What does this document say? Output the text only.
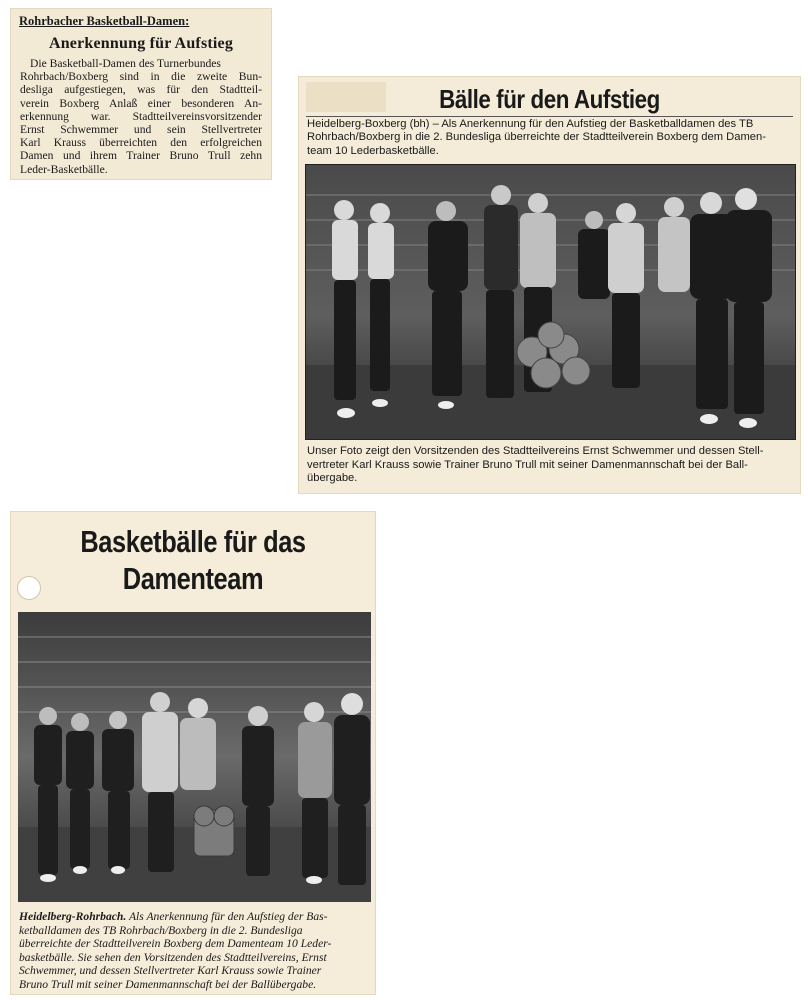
Rohrbacher Basketball-Damen:
Anerkennung für Aufstieg
Die Basketball-Damen des Turnerbundes
Rohrbach/Boxberg sind in die zweite Bun-
desliga aufgestiegen, was für den Stadtteil-
verein Boxberg Anlaß einer besonderen An-
erkennung war. Stadtteilvereinsvorsitzender
Ernst Schwemmer und sein Stellvertreter
Karl Krauss überreichten den erfolgreichen
Damen und ihrem Trainer Bruno Trull zehn
Leder-Basketbälle.
Bälle für den Aufstieg
Heidelberg-Boxberg (bh) – Als Anerkennung für den Aufstieg der Basketballdamen des TB
Rohrbach/Boxberg in die 2. Bundesliga überreichte der Stadtteilverein Boxberg dem Damen-
team 10 Lederbasketbälle.
Unser Foto zeigt den Vorsitzenden des Stadtteilvereins Ernst Schwemmer und dessen Stell-
vertreter Karl Krauss sowie Trainer Bruno Trull mit seiner Damenmannschaft bei der Ball-
übergabe.
Basketbälle für das
Damenteam
Heidelberg-Rohrbach. Als Anerkennung für den Aufstieg der Bas-
ketballdamen des TB Rohrbach/Boxberg in die 2. Bundesliga
überreichte der Stadtteilverein Boxberg dem Damenteam 10 Leder-
basketbälle. Sie sehen den Vorsitzenden des Stadtteilvereins, Ernst
Schwemmer, und dessen Stellvertreter Karl Krauss sowie Trainer
Bruno Trull mit seiner Damenmannschaft bei der Ballübergabe.
